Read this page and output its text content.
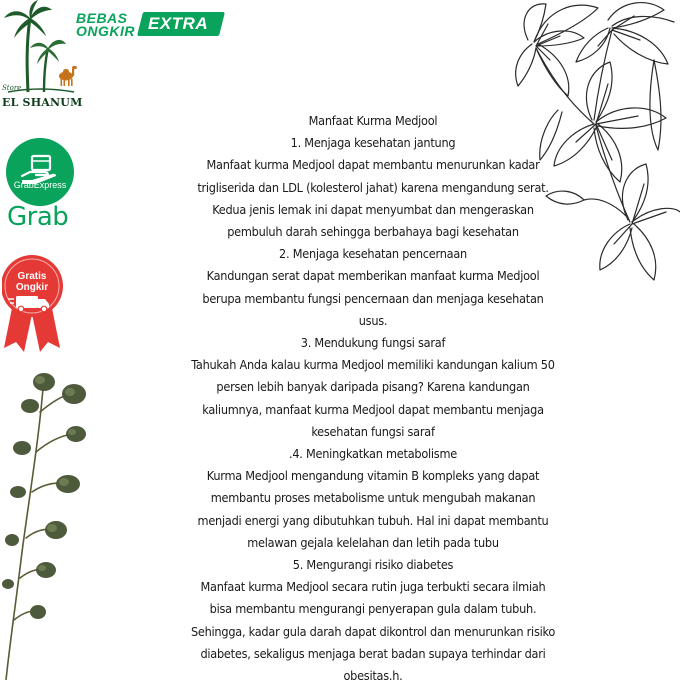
Store
EL SHANUM
BEBAS
ONGKIR EXTRA
GrabExpress
Grab
Gratis
Ongkir
Manfaat Kurma Medjool
1. Menjaga kesehatan jantung
Manfaat kurma Medjool dapat membantu menurunkan kadar
trigliserida dan LDL (kolesterol jahat) karena mengandung serat.
Kedua jenis lemak ini dapat menyumbat dan mengeraskan
pembuluh darah sehingga berbahaya bagi kesehatan
2. Menjaga kesehatan pencernaan
Kandungan serat dapat memberikan manfaat kurma Medjool
berupa membantu fungsi pencernaan dan menjaga kesehatan
usus.
3. Mendukung fungsi saraf
Tahukah Anda kalau kurma Medjool memiliki kandungan kalium 50
persen lebih banyak daripada pisang? Karena kandungan
kaliumnya, manfaat kurma Medjool dapat membantu menjaga
kesehatan fungsi saraf
.4. Meningkatkan metabolisme
Kurma Medjool mengandung vitamin B kompleks yang dapat
membantu proses metabolisme untuk mengubah makanan
menjadi energi yang dibutuhkan tubuh. Hal ini dapat membantu
melawan gejala kelelahan dan letih pada tubu
5. Mengurangi risiko diabetes
Manfaat kurma Medjool secara rutin juga terbukti secara ilmiah
bisa membantu mengurangi penyerapan gula dalam tubuh.
Sehingga, kadar gula darah dapat dikontrol dan menurunkan risiko
diabetes, sekaligus menjaga berat badan supaya terhindar dari
obesitas.h.
